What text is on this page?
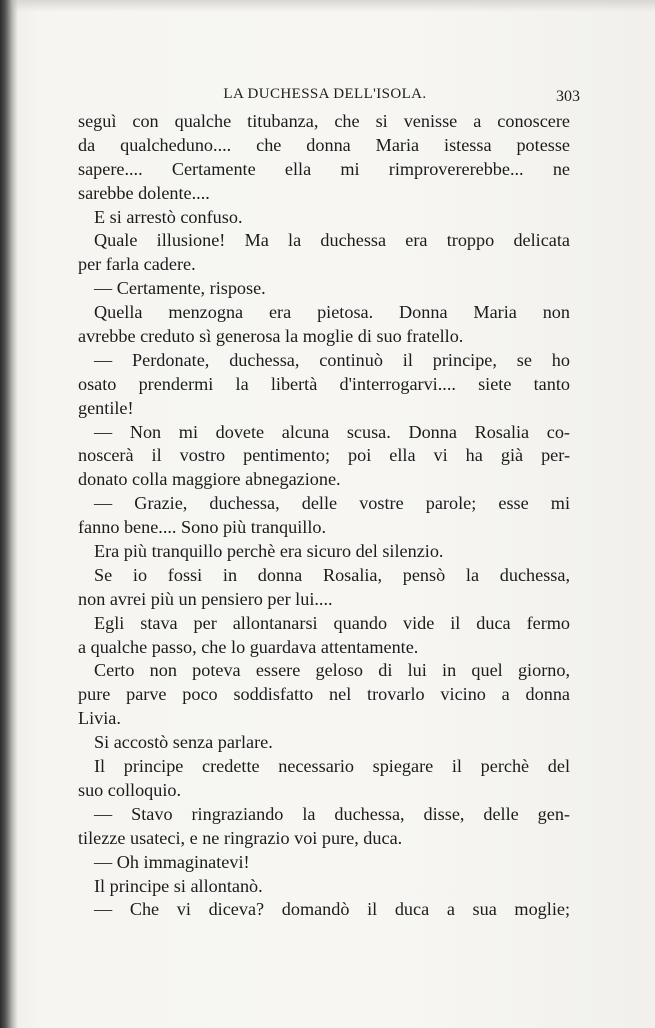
LA DUCHESSA DELL'ISOLA.	303
seguì con qualche titubanza, che si venisse a conoscere
da qualcheduno.... che donna Maria istessa potesse
sapere.... Certamente ella mi rimprovererebbe... ne
sarebbe dolente....
E si arrestò confuso.
Quale illusione! Ma la duchessa era troppo delicata
per farla cadere.
— Certamente, rispose.
Quella menzogna era pietosa. Donna Maria non
avrebbe creduto sì generosa la moglie di suo fratello.
— Perdonate, duchessa, continuò il principe, se ho
osato prendermi la libertà d'interrogarvi.... siete tanto
gentile!
— Non mi dovete alcuna scusa. Donna Rosalia co-
noscerà il vostro pentimento; poi ella vi ha già per-
donato colla maggiore abnegazione.
— Grazie, duchessa, delle vostre parole; esse mi
fanno bene.... Sono più tranquillo.
Era più tranquillo perchè era sicuro del silenzio.
Se io fossi in donna Rosalia, pensò la duchessa,
non avrei più un pensiero per lui....
Egli stava per allontanarsi quando vide il duca fermo
a qualche passo, che lo guardava attentamente.
Certo non poteva essere geloso di lui in quel giorno,
pure parve poco soddisfatto nel trovarlo vicino a donna
Livia.
Si accostò senza parlare.
Il principe credette necessario spiegare il perchè del
suo colloquio.
— Stavo ringraziando la duchessa, disse, delle gen-
tilezze usateci, e ne ringrazio voi pure, duca.
— Oh immaginatevi!
Il principe si allontanò.
— Che vi diceva? domandò il duca a sua moglie;
